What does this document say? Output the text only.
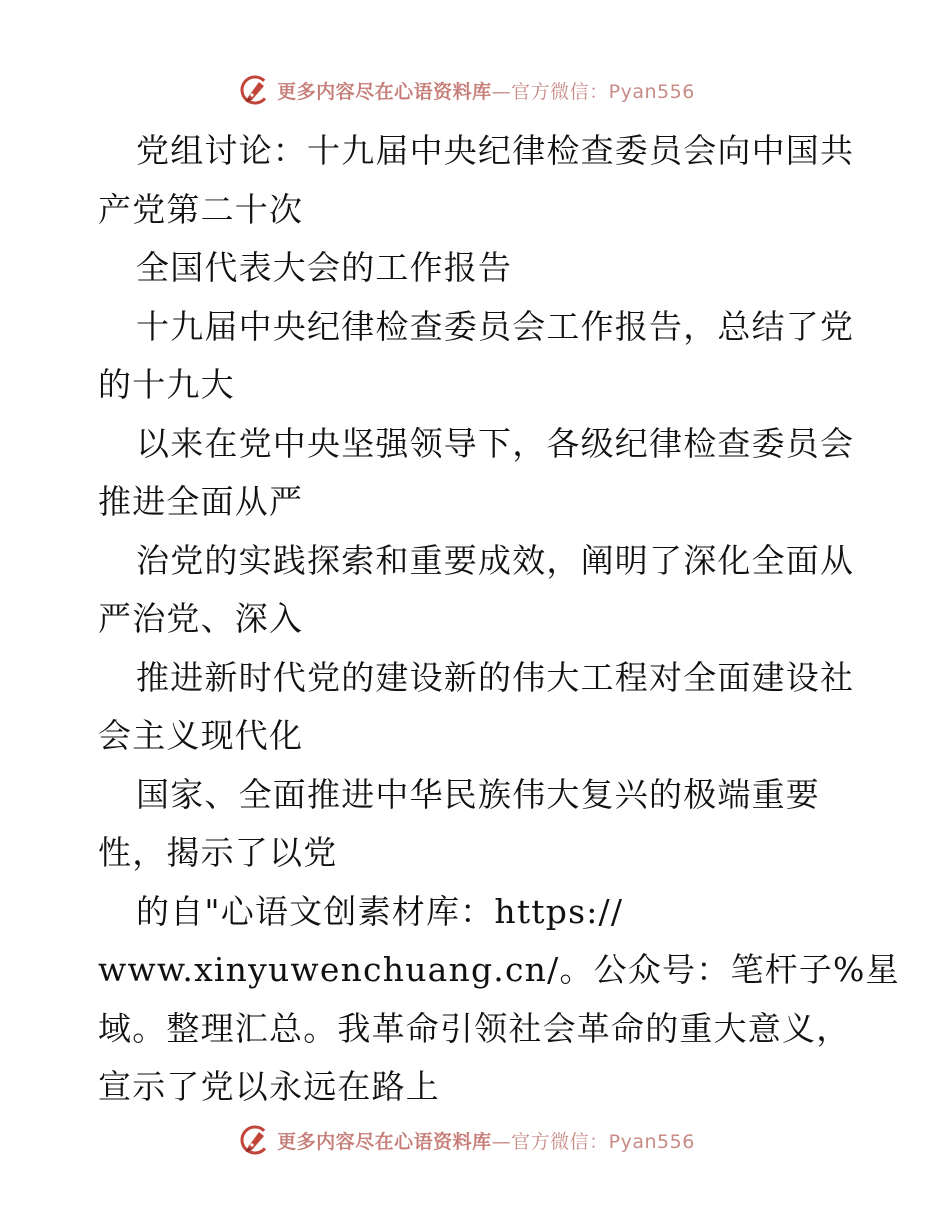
更多内容尽在心语资料库—官方微信：Pyan556
党组讨论：十九届中央纪律检查委员会向中国共
产党第二十次
全国代表大会的工作报告
十九届中央纪律检查委员会工作报告，总结了党
的十九大
以来在党中央坚强领导下，各级纪律检查委员会
推进全面从严
治党的实践探索和重要成效，阐明了深化全面从
严治党、深入
推进新时代党的建设新的伟大工程对全面建设社
会主义现代化
国家、全面推进中华民族伟大复兴的极端重要
性，揭示了以党
的自"心语文创素材库：https://
www.xinyuwenchuang.cn/。公众号：笔杆子%星
域。整理汇总。我革命引领社会革命的重大意义，
宣示了党以永远在路上
更多内容尽在心语资料库—官方微信：Pyan556
